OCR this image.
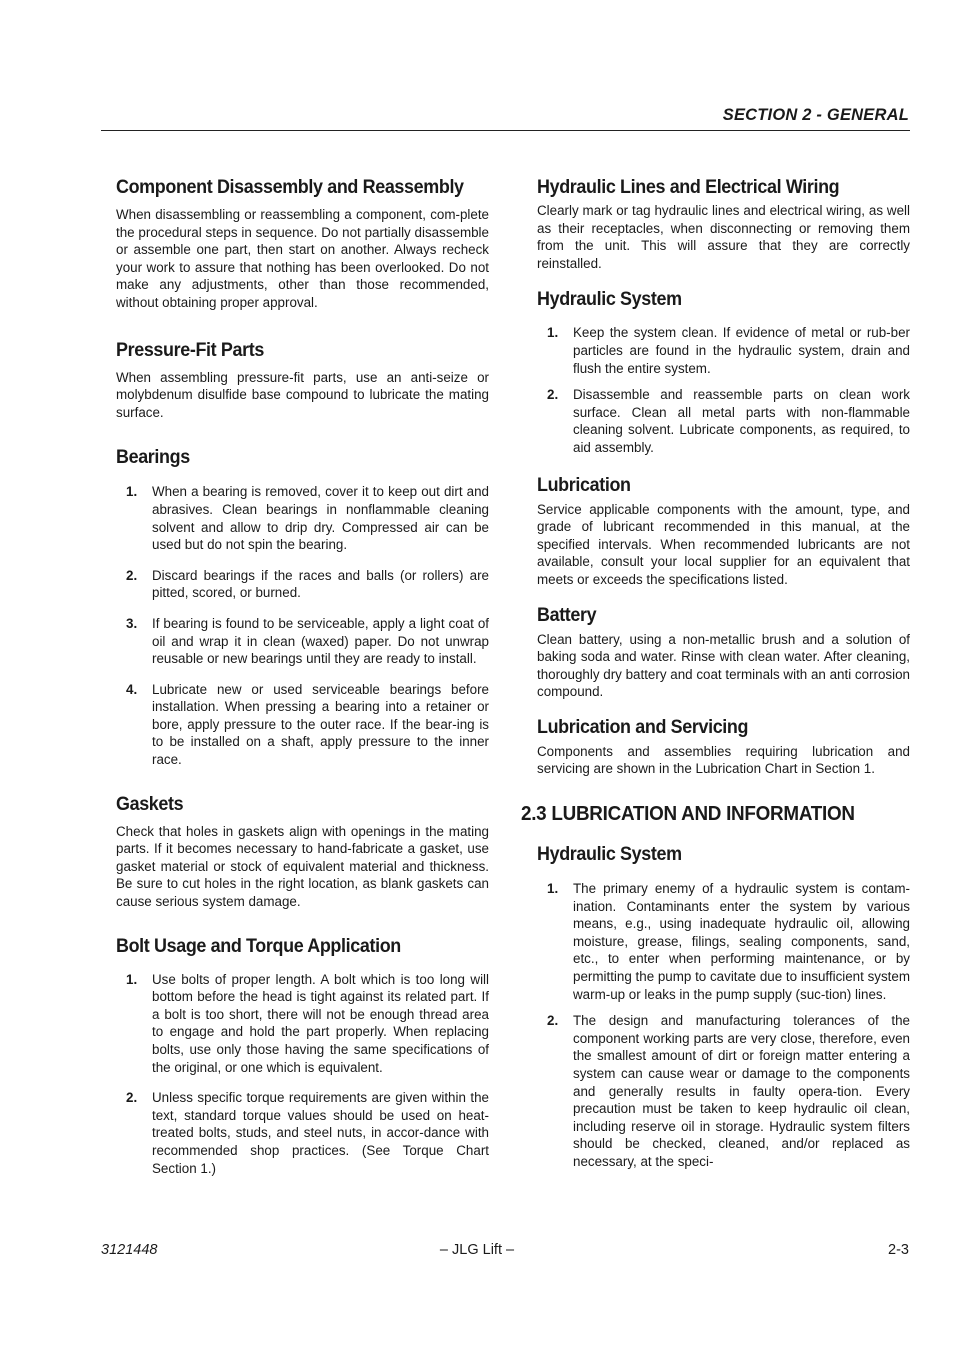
SECTION 2 - GENERAL
Component Disassembly and Reassembly

When disassembling or reassembling a component, com-plete the procedural steps in sequence. Do not partially disassemble or assemble one part, then start on another. Always recheck your work to assure that nothing has been overlooked. Do not make any adjustments, other than those recommended, without obtaining proper approval.

Pressure-Fit Parts

When assembling pressure-fit parts, use an anti-seize or molybdenum disulfide base compound to lubricate the mating surface.

Bearings
1. When a bearing is removed, cover it to keep out dirt and abrasives. Clean bearings in nonflammable cleaning solvent and allow to drip dry. Compressed air can be used but do not spin the bearing.
2. Discard bearings if the races and balls (or rollers) are pitted, scored, or burned.
3. If bearing is found to be serviceable, apply a light coat of oil and wrap it in clean (waxed) paper. Do not unwrap reusable or new bearings until they are ready to install.
4. Lubricate new or used serviceable bearings before installation. When pressing a bearing into a retainer or bore, apply pressure to the outer race. If the bear-ing is to be installed on a shaft, apply pressure to the inner race.
Gaskets

Check that holes in gaskets align with openings in the mating parts. If it becomes necessary to hand-fabricate a gasket, use gasket material or stock of equivalent material and thickness. Be sure to cut holes in the right location, as blank gaskets can cause serious system damage.

Bolt Usage and Torque Application
1. Use bolts of proper length. A bolt which is too long will bottom before the head is tight against its related part. If a bolt is too short, there will not be enough thread area to engage and hold the part properly. When replacing bolts, use only those having the same specifications of the original, or one which is equivalent.
2. Unless specific torque requirements are given within the text, standard torque values should be used on heat-treated bolts, studs, and steel nuts, in accor-dance with recommended shop practices. (See Torque Chart Section 1.)
Hydraulic Lines and Electrical Wiring

Clearly mark or tag hydraulic lines and electrical wiring, as well as their receptacles, when disconnecting or removing them from the unit. This will assure that they are correctly reinstalled.

Hydraulic System
1. Keep the system clean. If evidence of metal or rub-ber particles are found in the hydraulic system, drain and flush the entire system.
2. Disassemble and reassemble parts on clean work surface. Clean all metal parts with non-flammable cleaning solvent. Lubricate components, as required, to aid assembly.
Lubrication

Service applicable components with the amount, type, and grade of lubricant recommended in this manual, at the specified intervals. When recommended lubricants are not available, consult your local supplier for an equivalent that meets or exceeds the specifications listed.

Battery

Clean battery, using a non-metallic brush and a solution of baking soda and water. Rinse with clean water. After cleaning, thoroughly dry battery and coat terminals with an anti corrosion compound.

Lubrication and Servicing

Components and assemblies requiring lubrication and servicing are shown in the Lubrication Chart in Section 1.

2.3 LUBRICATION AND INFORMATION
Hydraulic System
1. The primary enemy of a hydraulic system is contam-ination. Contaminants enter the system by various means, e.g., using inadequate hydraulic oil, allowing moisture, grease, filings, sealing components, sand, etc., to enter when performing maintenance, or by permitting the pump to cavitate due to insufficient system warm-up or leaks in the pump supply (suc-tion) lines.
2. The design and manufacturing tolerances of the component working parts are very close, therefore, even the smallest amount of dirt or foreign matter entering a system can cause wear or damage to the components and generally results in faulty opera-tion. Every precaution must be taken to keep hydraulic oil clean, including reserve oil in storage. Hydraulic system filters should be checked, cleaned, and/or replaced as necessary, at the speci-
3121448	– JLG Lift –	2-3
